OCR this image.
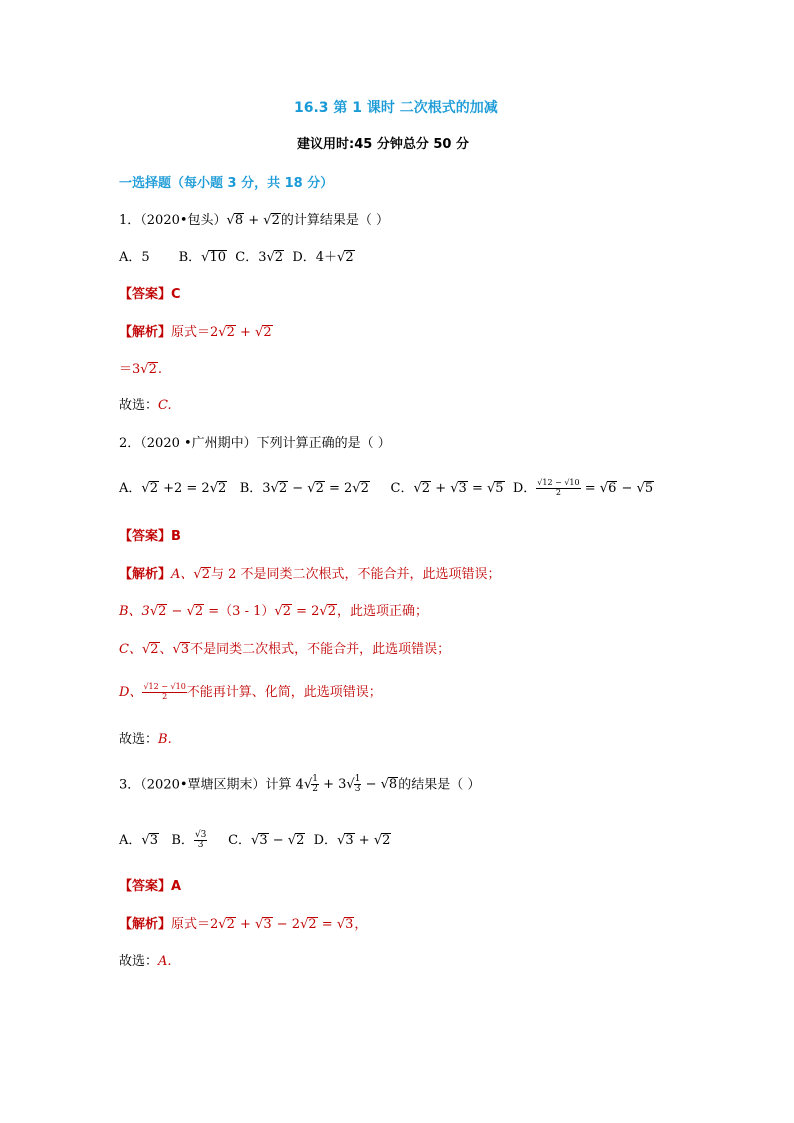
16.3 第 1 课时 二次根式的加减
建议用时:45 分钟总分 50 分
一选择题（每小题 3 分，共 18 分）
1．（2020•包头）√8 + √2的计算结果是（ ）
A．5 B．√10 C．3√2 D．4＋√2
【答案】C
【解析】原式＝2√2 + √2
＝3√2.
故选：C.
2．（2020 •广州期中）下列计算正确的是（ ）
A．√2 +2 = 2√2 B．3√2 − √2 = 2√2 C．√2 + √3 = √5 D． $\frac{√12 - √10}{2} = √6 - √5$
【答案】B
【解析】A、√2与 2 不是同类二次根式，不能合并，此选项错误；
B、3√2 − √2 =（3 - 1）√2 = 2√2，此选项正确；
C、√2、√3不是同类二次根式，不能合并，此选项错误；
D、 $\frac{√12 - √10}{2}$ 不能再计算、化简，此选项错误；
故选：B.
3．（2020•覃塘区期末）计算 $4√ \frac{1}{2} + 3√ \frac{1}{3} - √8$的结果是（ ）
A．√3 B． $\frac{√3}{3}$ C．√3 − √2 D．√3 + √2
【答案】A
【解析】原式＝2√2 + √3 − 2√2 = √3，
故选：A.
